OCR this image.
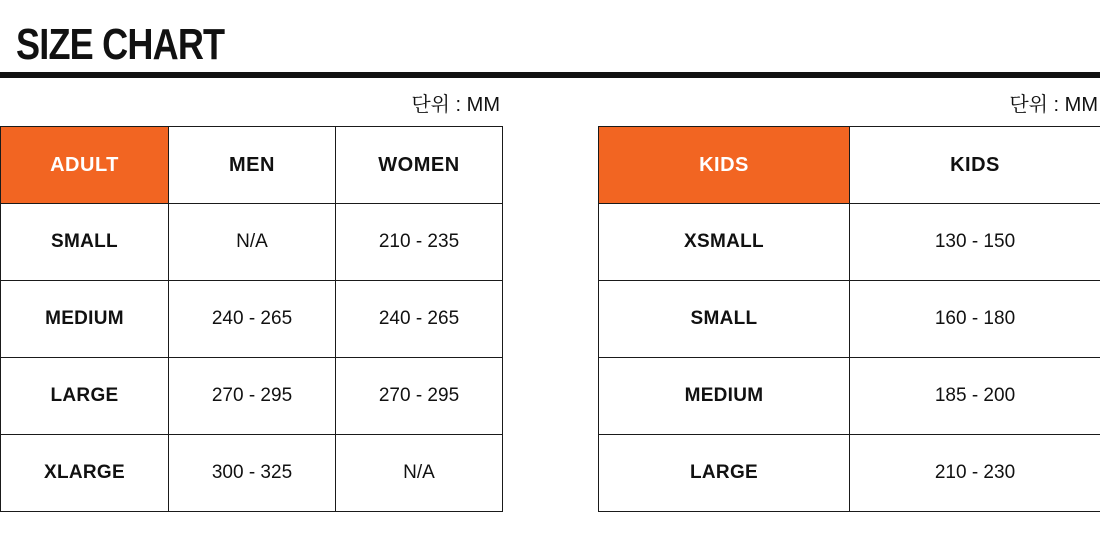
SIZE CHART
단위 : MM
ADULT	MEN	WOMEN
SMALL	N/A	210 - 235
MEDIUM	240 - 265	240 - 265
LARGE	270 - 295	270 - 295
XLARGE	300 - 325	N/A
단위 : MM
KIDS	KIDS
XSMALL	130 - 150
SMALL	160 - 180
MEDIUM	185 - 200
LARGE	210 - 230
